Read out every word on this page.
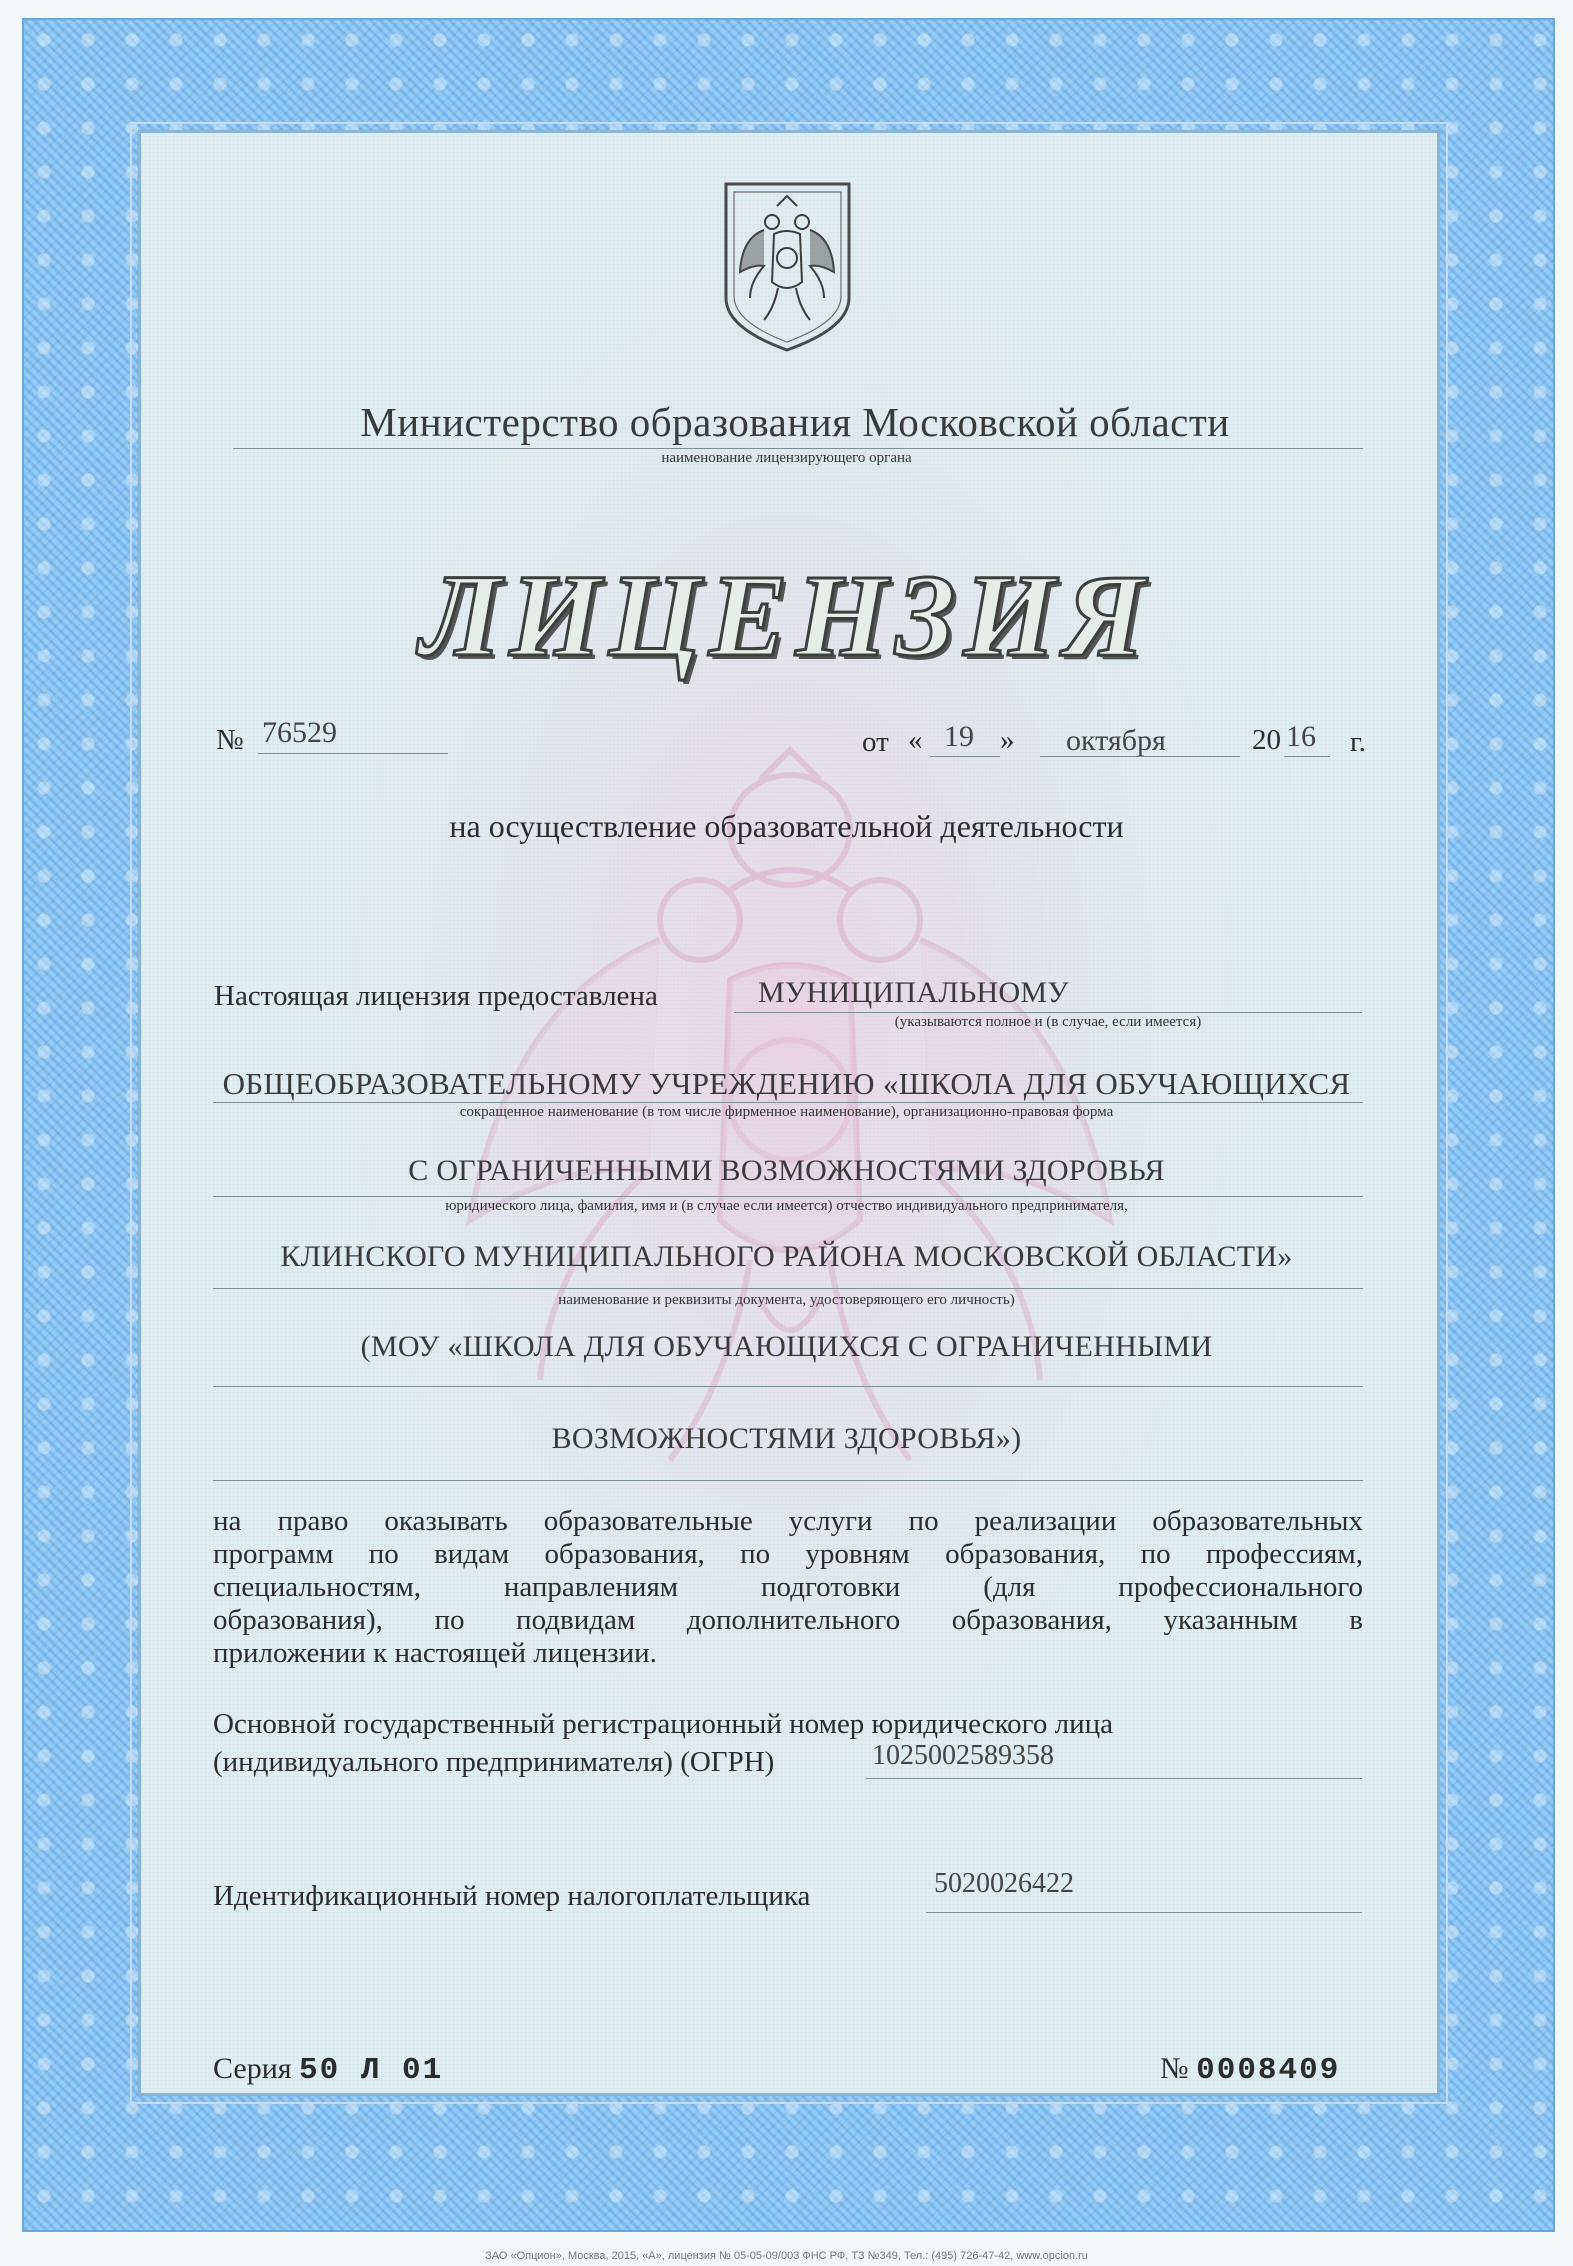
Министерство образования Московской области
наименование лицензирующего органа
ЛИЦЕНЗИЯ
№ 76529	от « 19 » октября	20 16 г.
на осуществление образовательной деятельности
Настоящая лицензия предоставлена	МУНИЦИПАЛЬНОМУ
(указываются полное и (в случае, если имеется)
ОБЩЕОБРАЗОВАТЕЛЬНОМУ УЧРЕЖДЕНИЮ «ШКОЛА ДЛЯ ОБУЧАЮЩИХСЯ
сокращенное наименование (в том числе фирменное наименование), организационно-правовая форма
С ОГРАНИЧЕННЫМИ ВОЗМОЖНОСТЯМИ ЗДОРОВЬЯ
юридического лица, фамилия, имя и (в случае если имеется) отчество индивидуального предпринимателя,
КЛИНСКОГО МУНИЦИПАЛЬНОГО РАЙОНА МОСКОВСКОЙ ОБЛАСТИ»
наименование и реквизиты документа, удостоверяющего его личность)
(МОУ «ШКОЛА ДЛЯ ОБУЧАЮЩИХСЯ С ОГРАНИЧЕННЫМИ
ВОЗМОЖНОСТЯМИ ЗДОРОВЬЯ»)
на право оказывать образовательные услуги по реализации образовательных
программ по видам образования, по уровням образования, по профессиям,
специальностям, направлениям подготовки (для профессионального
образования), по подвидам дополнительного образования, указанным в
приложении к настоящей лицензии.
Основной государственный регистрационный номер юридического лица
(индивидуального предпринимателя) (ОГРН)	1025002589358
Идентификационный номер налогоплательщика	5020026422
Серия 50 Л 01	№ 0008409
ЗАО «Опцион», Москва, 2015, «А», лицензия № 05-05-09/003 ФНС РФ, ТЗ №349, Тел.: (495) 726-47-42, www.opcion.ru
